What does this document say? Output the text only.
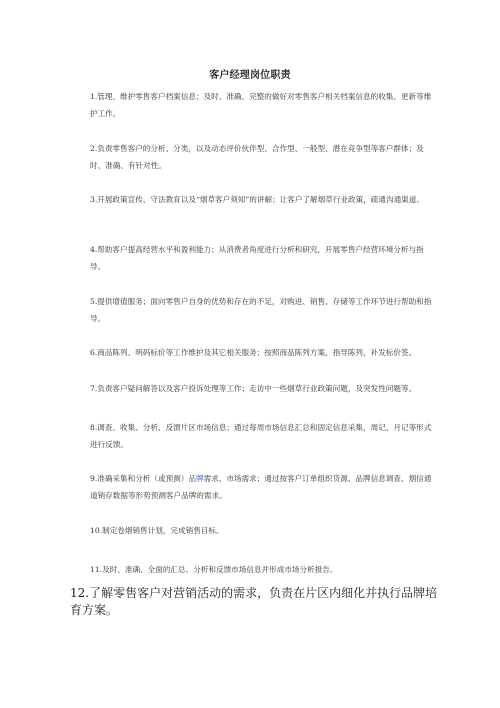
客户经理岗位职责
1.管理、维护零售客户档案信息；及时、准确、完整的做好对零售客户相关档案信息的收集、更新等维护工作。
2.负责零售客户的分析、分类，以及动态评价伙伴型、合作型、一般型、潜在竞争型等客户群体；及时、准确、有针对性。
3.开展政策宣传、守法教育以及“烟草客户须知”的讲解；让客户了解烟草行业政策，疏通沟通渠道。
4.帮助客户提高经营水平和盈利能力；从消费者角度进行分析和研究，开展零售户经营环境分析与指导。
5.提供增值服务；面向零售户自身的优势和存在的不足，对购进、销售、存储等工作环节进行帮助和指导。
6.商品陈列、明码标价等工作维护及其它相关服务；按照商品陈列方案，指导陈列，补发标价签。
7.负责客户疑问解答以及客户投诉处理等工作；走访中一些烟草行业政策问题，及突发性问题等。
8.调查、收集、分析、反馈片区市场信息；通过每周市场信息汇总和固定信息采集，周记、月记等形式进行反馈。
9.准确采集和分析（或预测）品牌需求、市场需求；通过按客户订单组织货源、品牌信息调查、烟信通道销存数据等形势预测客户品牌的需求。
10.制定卷烟销售计划，完成销售目标。
11.及时、准确、全面的汇总、分析和反馈市场信息并形成市场分析报告。
12.了解零售客户对营销活动的需求，负责在片区内细化并执行品牌培育方案。
